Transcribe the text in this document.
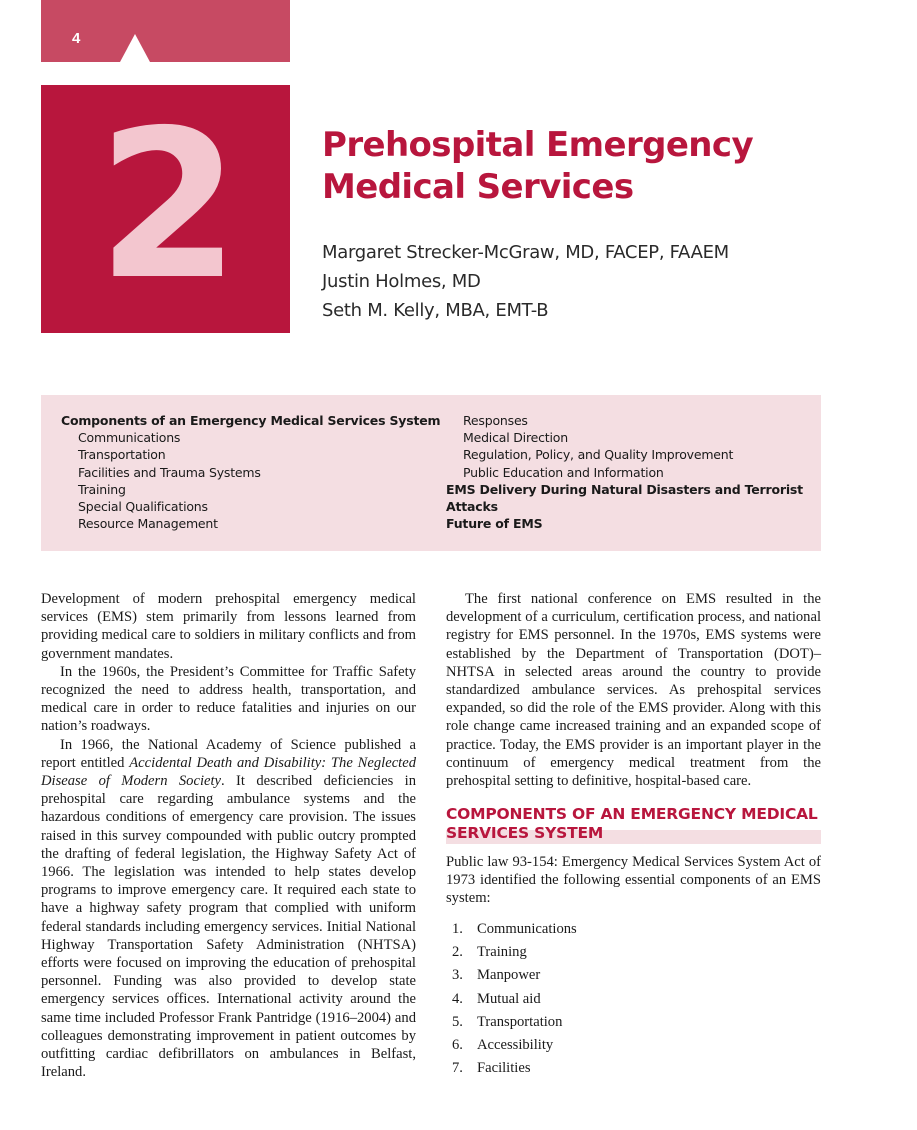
4
2	Prehospital Emergency
Medical Services
Margaret Strecker-McGraw, MD, FACEP, FAAEM
Justin Holmes, MD
Seth M. Kelly, MBA, EMT-B
Components of an Emergency Medical Services System
Communications
Transportation
Facilities and Trauma Systems
Training
Special Qualifications
Resource Management
Responses
Medical Direction
Regulation, Policy, and Quality Improvement
Public Education and Information
EMS Delivery During Natural Disasters and Terrorist Attacks
Future of EMS

Development of modern prehospital emergency medical services (EMS) stem primarily from lessons learned from providing medical care to soldiers in military conflicts and from government mandates.

In the 1960s, the President’s Committee for Traffic Safety recognized the need to address health, transportation, and medical care in order to reduce fatalities and injuries on our nation’s roadways.

In 1966, the National Academy of Science published a report entitled Accidental Death and Disability: The Neglected Disease of Modern Society. It described deficiencies in prehospital care regarding ambulance systems and the hazardous conditions of emergency care provision. The issues raised in this survey compounded with public outcry prompted the drafting of federal legislation, the Highway Safety Act of 1966. The legislation was intended to help states develop programs to improve emergency care. It required each state to have a highway safety program that complied with uniform federal standards including emergency services. Initial National Highway Transportation Safety Administration (NHTSA) efforts were focused on improving the education of prehospital personnel. Funding was also provided to develop state emergency services offices. International activity around the same time included Professor Frank Pantridge (1916–2004) and colleagues demonstrating improvement in patient outcomes by outfitting cardiac defibrillators on ambulances in Belfast, Ireland.

The first national conference on EMS resulted in the development of a curriculum, certification process, and national registry for EMS personnel. In the 1970s, EMS systems were established by the Department of Transportation (DOT)–NHTSA in selected areas around the country to provide standardized ambulance services. As prehospital services expanded, so did the role of the EMS provider. Along with this role change came increased training and an expanded scope of practice. Today, the EMS provider is an important player in the continuum of emergency medical treatment from the prehospital setting to definitive, hospital-based care.

COMPONENTS OF AN EMERGENCY MEDICAL SERVICES SYSTEM

Public law 93-154: Emergency Medical Services System Act of 1973 identified the following essential components of an EMS system:

1. Communications
2. Training
3. Manpower
4. Mutual aid
5. Transportation
6. Accessibility
7. Facilities
